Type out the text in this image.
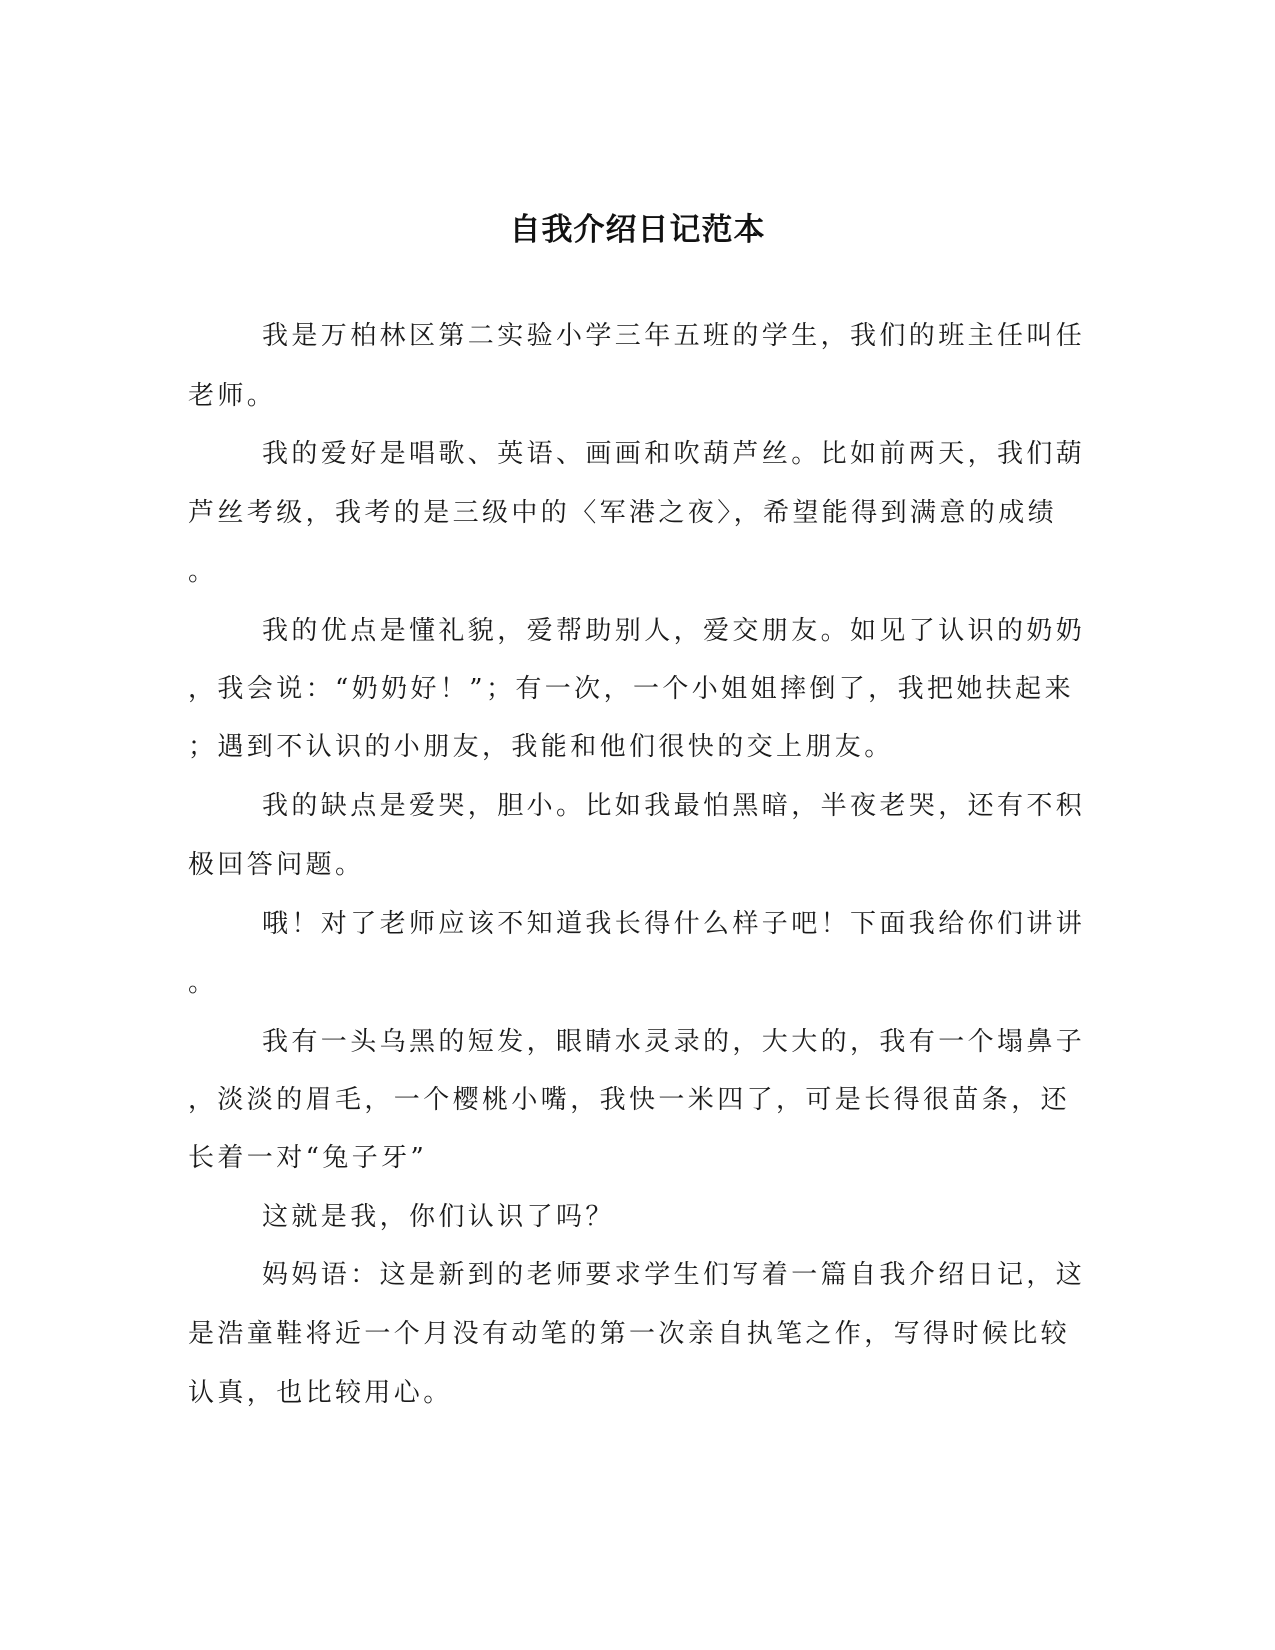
自我介绍日记范本
我是万柏林区第二实验小学三年五班的学生，我们的班主任叫任
老师。
我的爱好是唱歌、英语、画画和吹葫芦丝。比如前两天，我们葫
芦丝考级，我考的是三级中的〈军港之夜〉，希望能得到满意的成绩
。
我的优点是懂礼貌，爱帮助别人，爱交朋友。如见了认识的奶奶
，我会说：“奶奶好！”；有一次，一个小姐姐摔倒了，我把她扶起来
；遇到不认识的小朋友，我能和他们很快的交上朋友。
我的缺点是爱哭，胆小。比如我最怕黑暗，半夜老哭，还有不积
极回答问题。
哦！对了老师应该不知道我长得什么样子吧！下面我给你们讲讲
。
我有一头乌黑的短发，眼睛水灵录的，大大的，我有一个塌鼻子
，淡淡的眉毛，一个樱桃小嘴，我快一米四了，可是长得很苗条，还
长着一对“兔子牙”
这就是我，你们认识了吗？
妈妈语：这是新到的老师要求学生们写着一篇自我介绍日记，这
是浩童鞋将近一个月没有动笔的第一次亲自执笔之作，写得时候比较
认真，也比较用心。
